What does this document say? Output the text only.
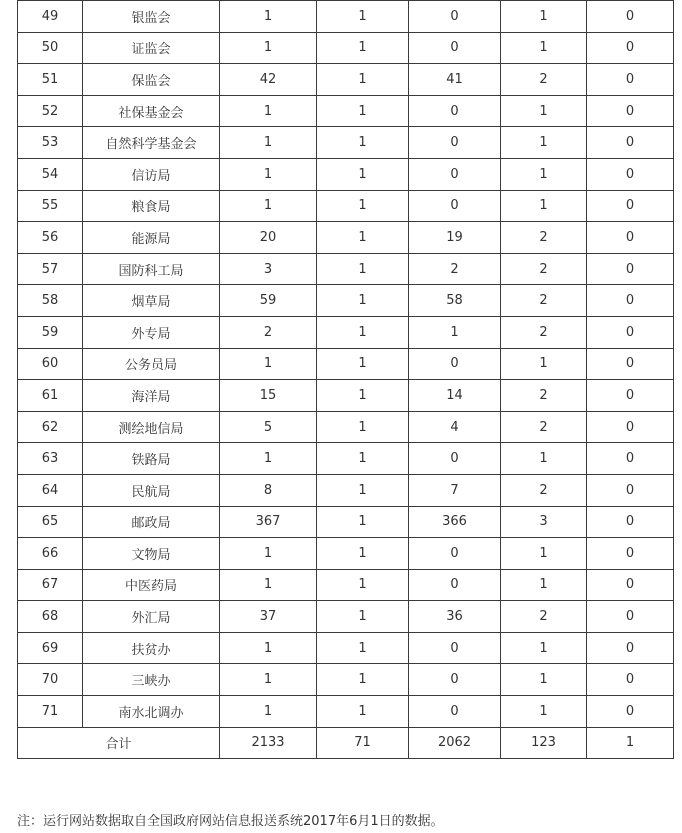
49	银监会	1	1	0	1	0
50	证监会	1	1	0	1	0
51	保监会	42	1	41	2	0
52	社保基金会	1	1	0	1	0
53	自然科学基金会	1	1	0	1	0
54	信访局	1	1	0	1	0
55	粮食局	1	1	0	1	0
56	能源局	20	1	19	2	0
57	国防科工局	3	1	2	2	0
58	烟草局	59	1	58	2	0
59	外专局	2	1	1	2	0
60	公务员局	1	1	0	1	0
61	海洋局	15	1	14	2	0
62	测绘地信局	5	1	4	2	0
63	铁路局	1	1	0	1	0
64	民航局	8	1	7	2	0
65	邮政局	367	1	366	3	0
66	文物局	1	1	0	1	0
67	中医药局	1	1	0	1	0
68	外汇局	37	1	36	2	0
69	扶贫办	1	1	0	1	0
70	三峡办	1	1	0	1	0
71	南水北调办	1	1	0	1	0
合计		2133	71	2062	123	1
注：运行网站数据取自全国政府网站信息报送系统2017年6月1日的数据。
